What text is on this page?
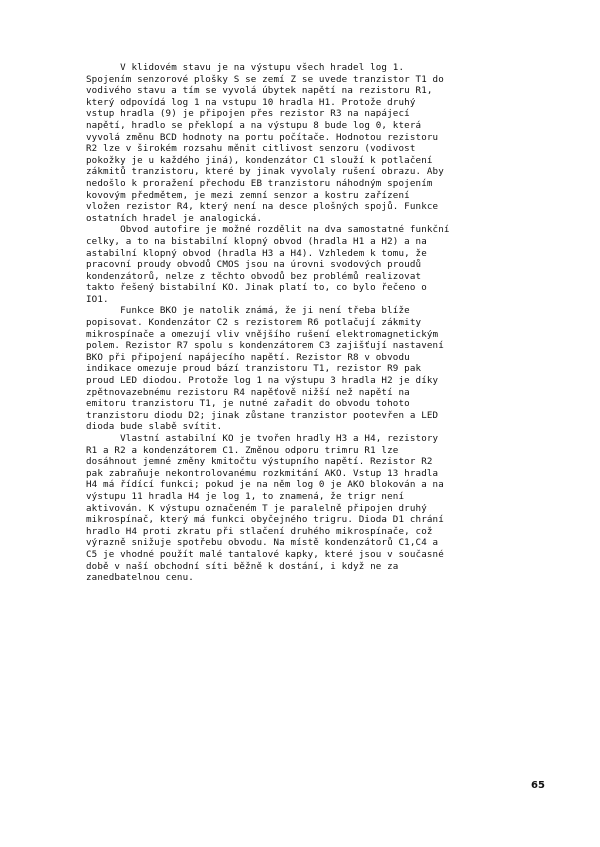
V klidovém stavu je na výstupu všech hradel log 1.
Spojením senzorové plošky S se zemí Z se uvede tranzistor T1 do
vodivého stavu a tím se vyvolá úbytek napětí na rezistoru R1,
který odpovídá log 1 na vstupu 10 hradla H1. Protože druhý
vstup hradla (9) je připojen přes rezistor R3 na napájecí
napětí, hradlo se překlopí a na výstupu 8 bude log 0, která
vyvolá změnu BCD hodnoty na portu počítače. Hodnotou rezistoru
R2 lze v širokém rozsahu měnit citlivost senzoru (vodivost
pokožky je u každého jiná), kondenzátor C1 slouží k potlačení
zákmitů tranzistoru, které by jinak vyvolaly rušení obrazu. Aby
nedošlo k proražení přechodu EB tranzistoru náhodným spojením
kovovým předmětem, je mezi zemní senzor a kostru zařízení
vložen rezistor R4, který není na desce plošných spojů. Funkce
ostatních hradel je analogická.
Obvod autofire je možné rozdělit na dva samostatné funkční
celky, a to na bistabilní klopný obvod (hradla H1 a H2) a na
astabilní klopný obvod (hradla H3 a H4). Vzhledem k tomu, že
pracovní proudy obvodů CMOS jsou na úrovni svodových proudů
kondenzátorů, nelze z těchto obvodů bez problémů realizovat
takto řešený bistabilní KO. Jinak platí to, co bylo řečeno o
IO1.
Funkce BKO je natolik známá, že ji není třeba blíže
popisovat. Kondenzátor C2 s rezistorem R6 potlačují zákmity
mikrospínače a omezují vliv vnějšího rušení elektromagnetickým
polem. Rezistor R7 spolu s kondenzátorem C3 zajišťují nastavení
BKO při připojení napájecího napětí. Rezistor R8 v obvodu
indikace omezuje proud bází tranzistoru T1, rezistor R9 pak
proud LED diodou. Protože log 1 na výstupu 3 hradla H2 je díky
zpětnovazebnému rezistoru R4 napěťově nižší než napětí na
emitoru tranzistoru T1, je nutné zařadit do obvodu tohoto
tranzistoru diodu D2; jinak zůstane tranzistor pootevřen a LED
dioda bude slabě svítit.
Vlastní astabilní KO je tvořen hradly H3 a H4, rezistory
R1 a R2 a kondenzátorem C1. Změnou odporu trimru R1 lze
dosáhnout jemné změny kmitočtu výstupního napětí. Rezistor R2
pak zabraňuje nekontrolovanému rozkmitání AKO. Vstup 13 hradla
H4 má řídící funkci; pokud je na něm log 0 je AKO blokován a na
výstupu 11 hradla H4 je log 1, to znamená, že trigr není
aktivován. K výstupu označeném T je paralelně připojen druhý
mikrospínač, který má funkci obyčejného trigru. Dioda D1 chrání
hradlo H4 proti zkratu při stlačení druhého mikrospínače, což
výrazně snižuje spotřebu obvodu. Na místě kondenzátorů C1,C4 a
C5 je vhodné použít malé tantalové kapky, které jsou v současné
době v naší obchodní síti běžně k dostání, i když ne za
zanedbatelnou cenu.
65
